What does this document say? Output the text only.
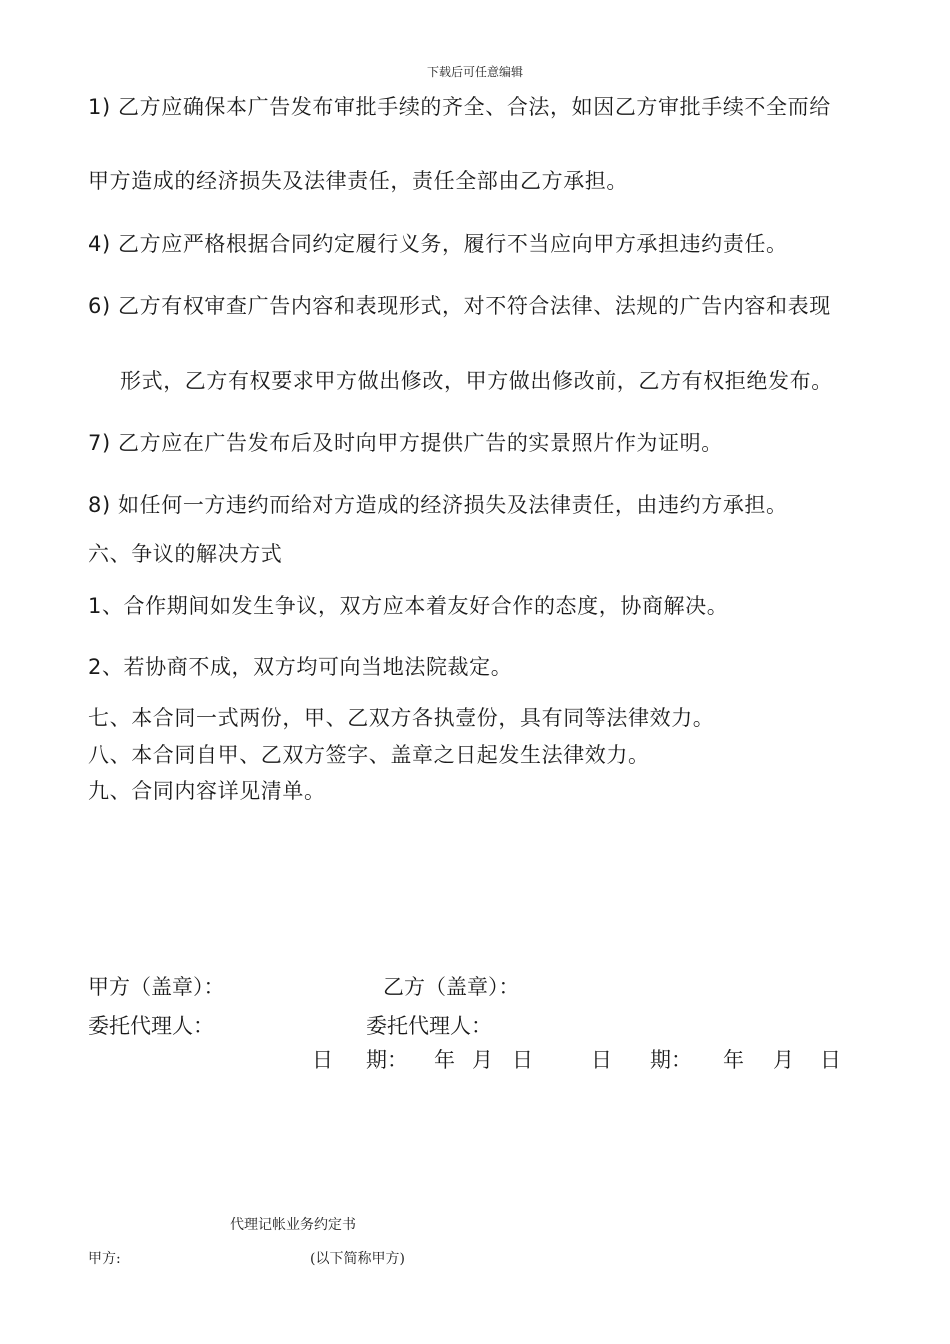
下载后可任意编辑
1) 乙方应确保本广告发布审批手续的齐全、合法，如因乙方审批手续不全而给
甲方造成的经济损失及法律责任，责任全部由乙方承担。
4) 乙方应严格根据合同约定履行义务，履行不当应向甲方承担违约责任。
6) 乙方有权审查广告内容和表现形式，对不符合法律、法规的广告内容和表现
形式，乙方有权要求甲方做出修改，甲方做出修改前，乙方有权拒绝发布。
7) 乙方应在广告发布后及时向甲方提供广告的实景照片作为证明。
8) 如任何一方违约而给对方造成的经济损失及法律责任，由违约方承担。
六、争议的解决方式
1、合作期间如发生争议，双方应本着友好合作的态度，协商解决。
2、若协商不成，双方均可向当地法院裁定。
七、本合同一式两份，甲、乙双方各执壹份，具有同等法律效力。
八、本合同自甲、乙双方签字、盖章之日起发生法律效力。
九、合同内容详见清单。
甲方（盖章）：	乙方（盖章）：
委托代理人：	委托代理人：
日 期： 年 月 日	日 期： 年 月 日
代理记帐业务约定书
甲方:	(以下简称甲方)
